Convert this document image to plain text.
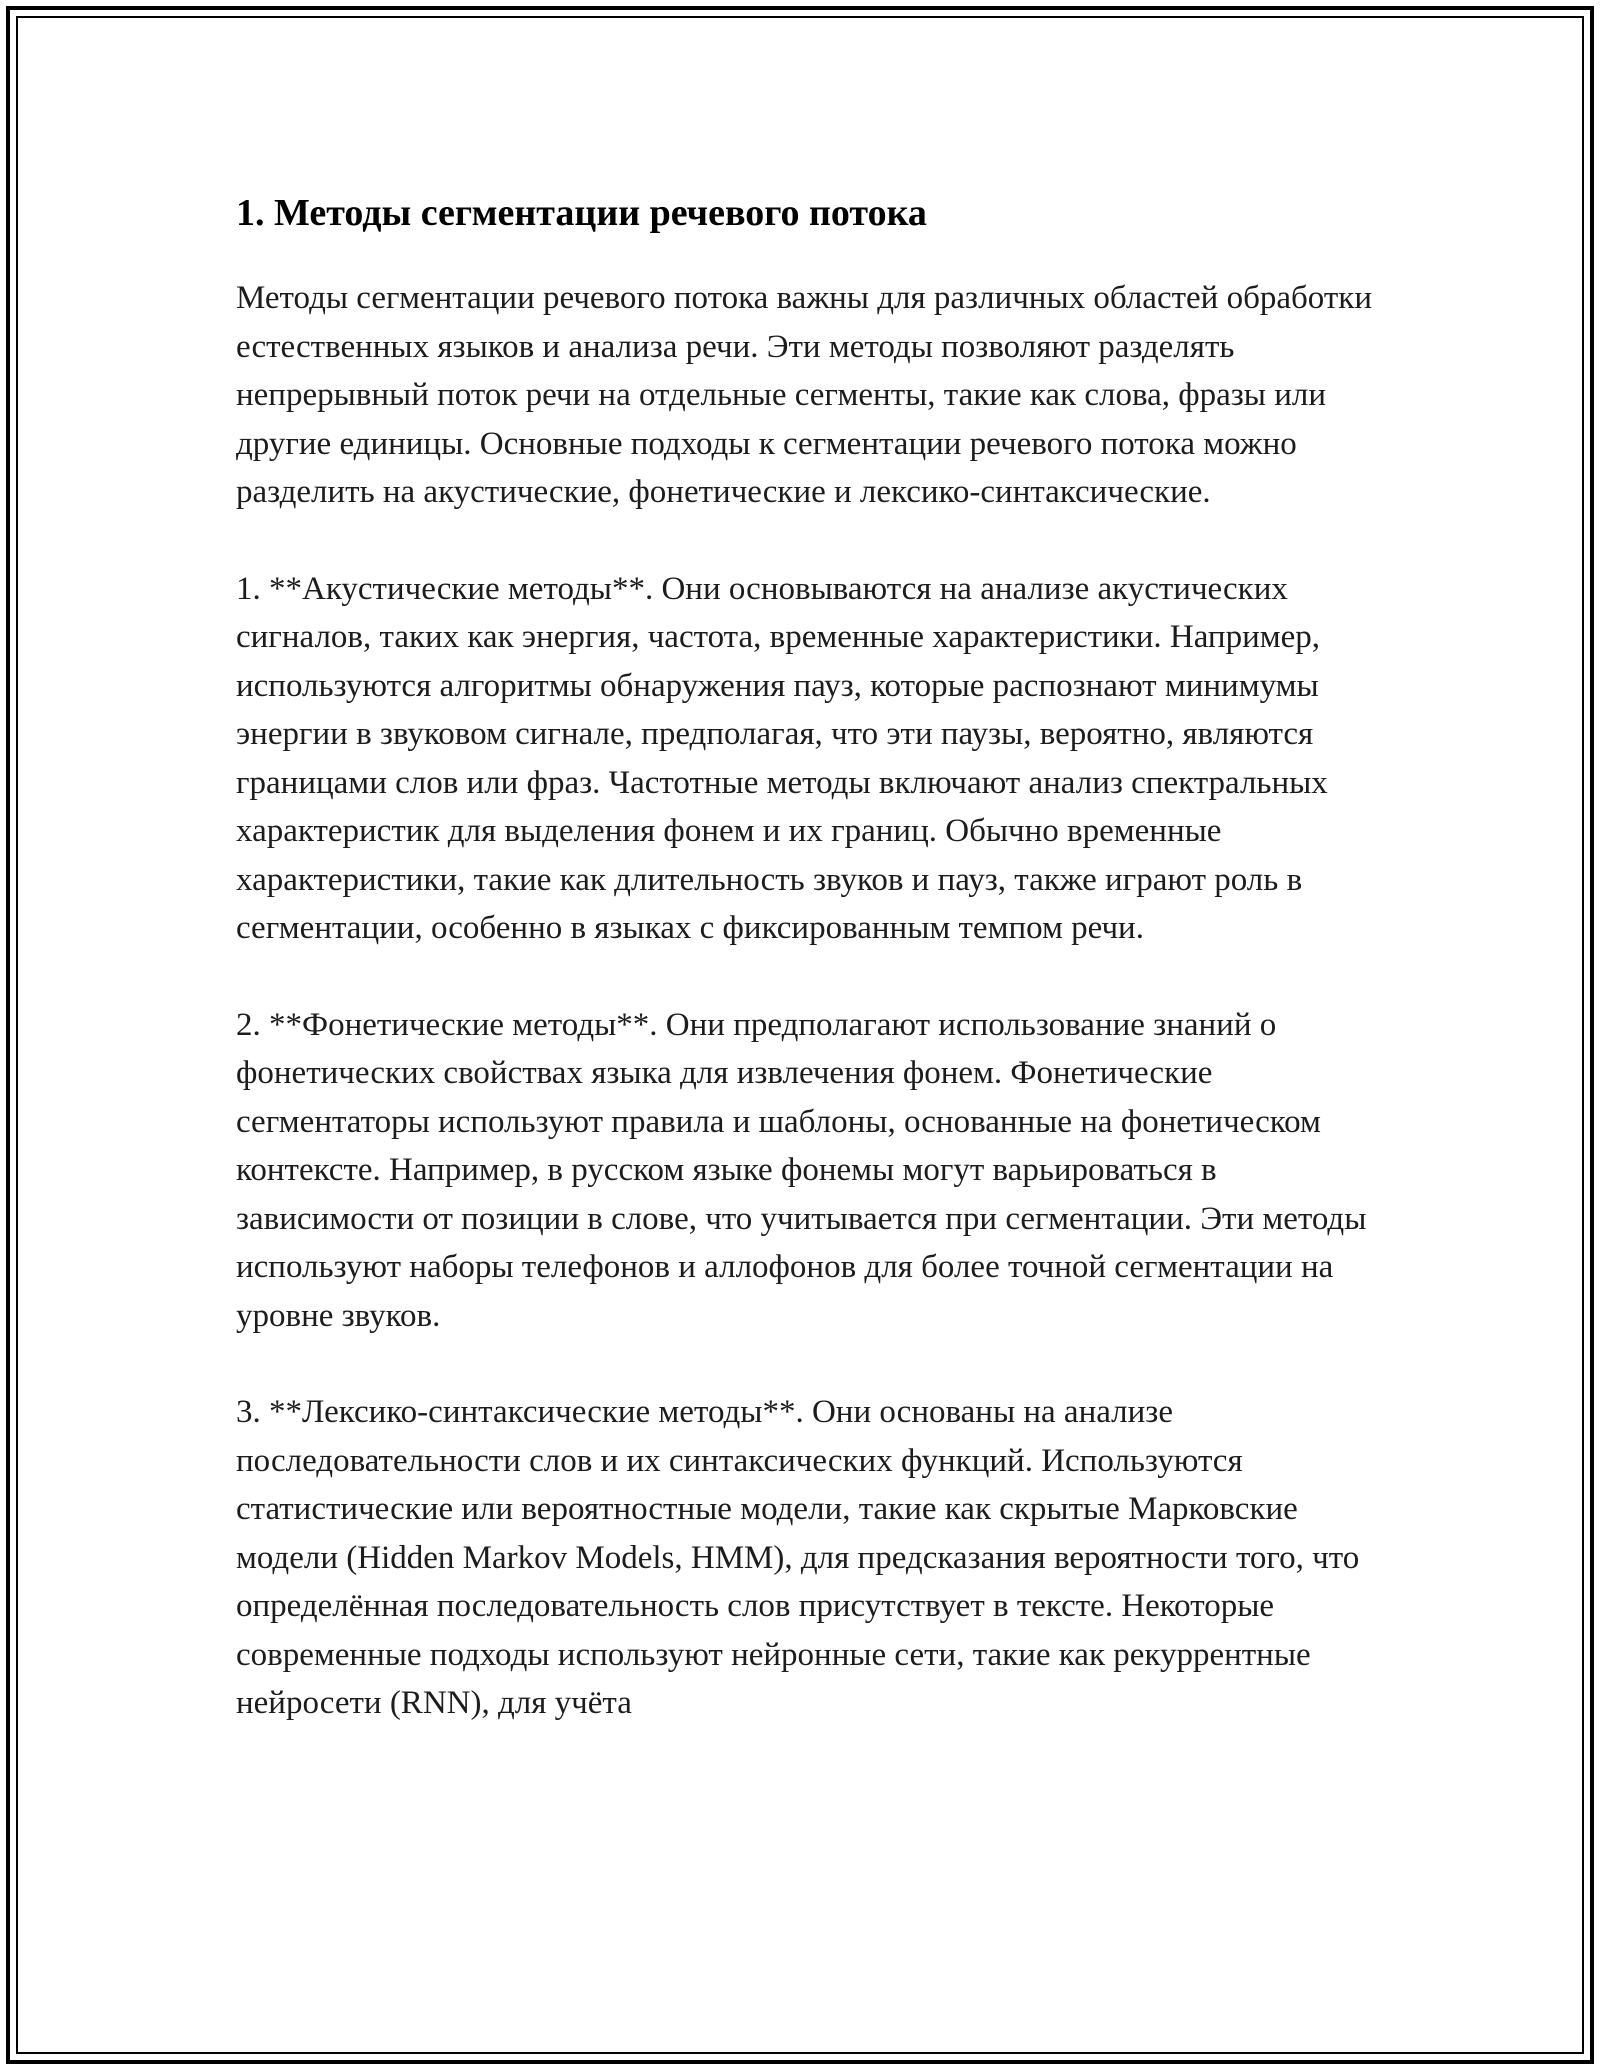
1. Методы сегментации речевого потока

Методы сегментации речевого потока важны для различных областей обработки естественных языков и анализа речи. Эти методы позволяют разделять непрерывный поток речи на отдельные сегменты, такие как слова, фразы или другие единицы. Основные подходы к сегментации речевого потока можно разделить на акустические, фонетические и лексико-синтаксические.

1. **Акустические методы**. Они основываются на анализе акустических сигналов, таких как энергия, частота, временные характеристики. Например, используются алгоритмы обнаружения пауз, которые распознают минимумы энергии в звуковом сигнале, предполагая, что эти паузы, вероятно, являются границами слов или фраз. Частотные методы включают анализ спектральных характеристик для выделения фонем и их границ. Обычно временные характеристики, такие как длительность звуков и пауз, также играют роль в сегментации, особенно в языках с фиксированным темпом речи.

2. **Фонетические методы**. Они предполагают использование знаний о фонетических свойствах языка для извлечения фонем. Фонетические сегментаторы используют правила и шаблоны, основанные на фонетическом контексте. Например, в русском языке фонемы могут варьироваться в зависимости от позиции в слове, что учитывается при сегментации. Эти методы используют наборы телефонов и аллофонов для более точной сегментации на уровне звуков.

3. **Лексико-синтаксические методы**. Они основаны на анализе последовательности слов и их синтаксических функций. Используются статистические или вероятностные модели, такие как скрытые Марковские модели (Hidden Markov Models, HMM), для предсказания вероятности того, что определённая последовательность слов присутствует в тексте. Некоторые современные подходы используют нейронные сети, такие как рекуррентные нейросети (RNN), для учёта
